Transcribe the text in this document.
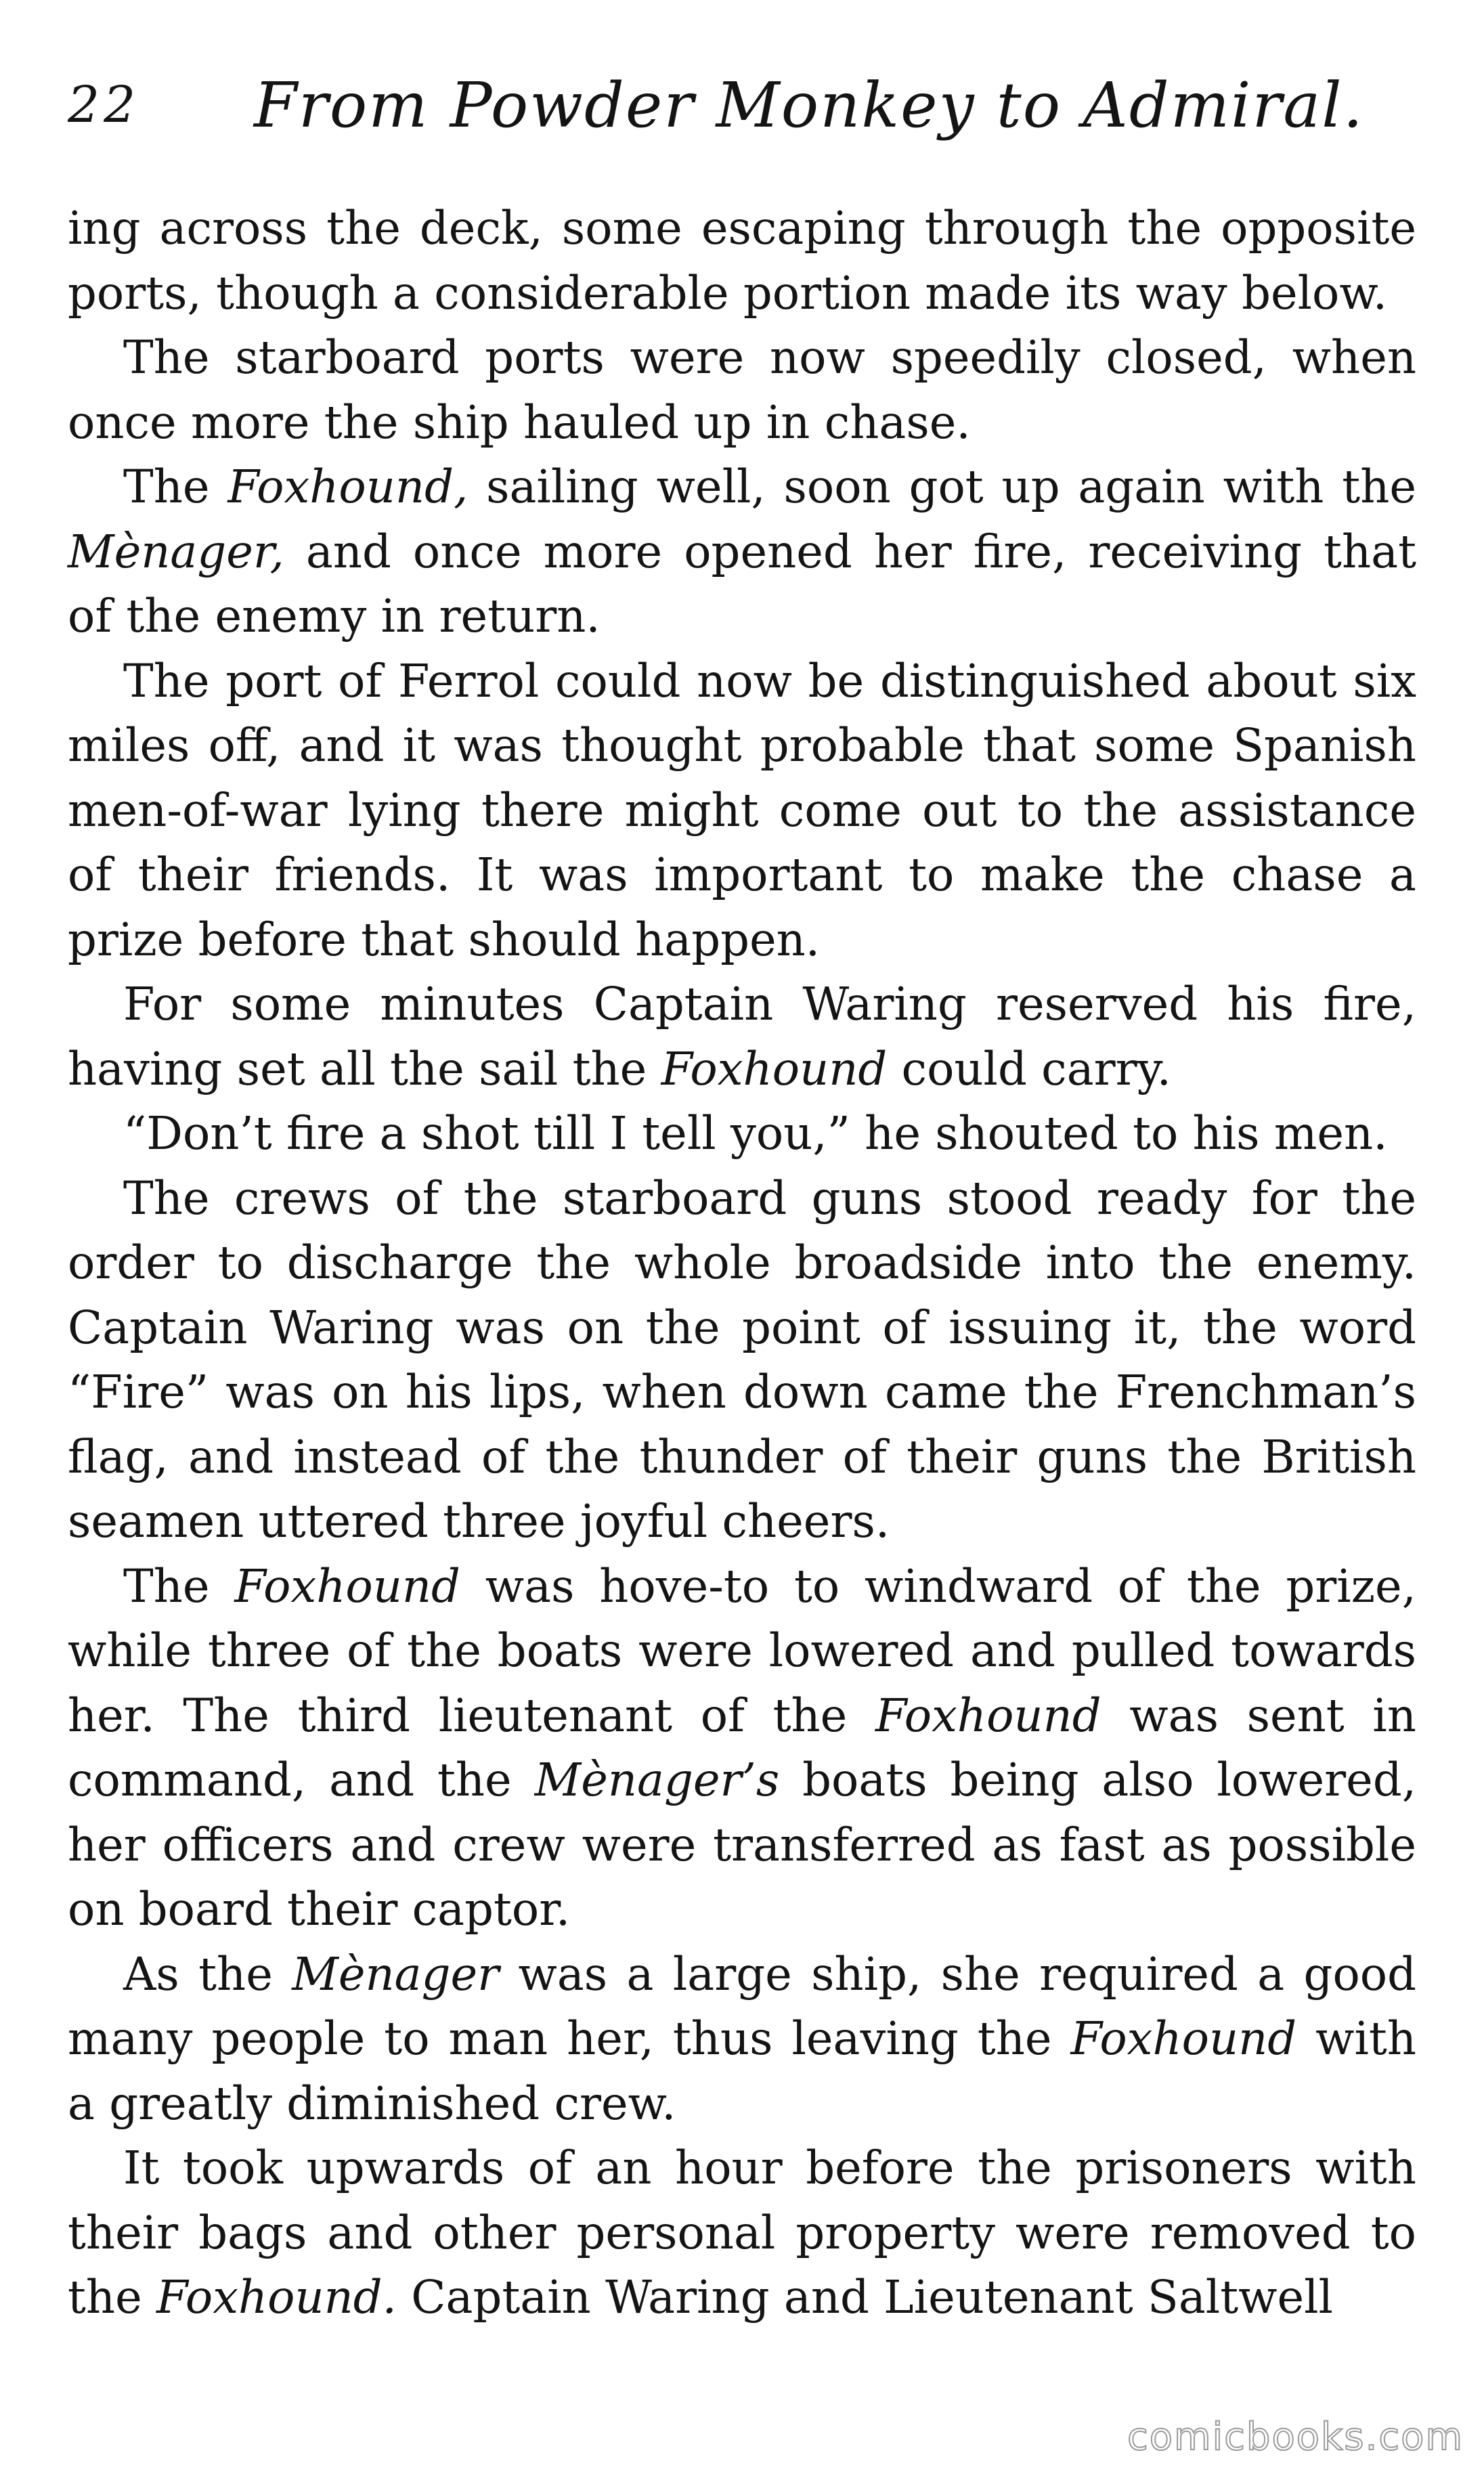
22 From Powder Monkey to Admiral.

ing across the deck, some escaping through the opposite ports, though a considerable portion made its way below.

The starboard ports were now speedily closed, when once more the ship hauled up in chase.

The Foxhound, sailing well, soon got up again with the Mènager, and once more opened her fire, receiving that of the enemy in return.

The port of Ferrol could now be distinguished about six miles off, and it was thought probable that some Spanish men-of-war lying there might come out to the assistance of their friends. It was important to make the chase a prize before that should happen.

For some minutes Captain Waring reserved his fire, having set all the sail the Foxhound could carry.

“Don’t fire a shot till I tell you,” he shouted to his men.

The crews of the starboard guns stood ready for the order to discharge the whole broadside into the enemy. Captain Waring was on the point of issuing it, the word “Fire” was on his lips, when down came the Frenchman’s flag, and instead of the thunder of their guns the British seamen uttered three joyful cheers.

The Foxhound was hove-to to windward of the prize, while three of the boats were lowered and pulled towards her. The third lieutenant of the Foxhound was sent in command, and the Mènager’s boats being also lowered, her officers and crew were transferred as fast as possible on board their captor.

As the Mènager was a large ship, she required a good many people to man her, thus leaving the Foxhound with a greatly diminished crew.

It took upwards of an hour before the prisoners with their bags and other personal property were removed to the Foxhound. Captain Waring and Lieutenant Saltwell

comicbooks.com
